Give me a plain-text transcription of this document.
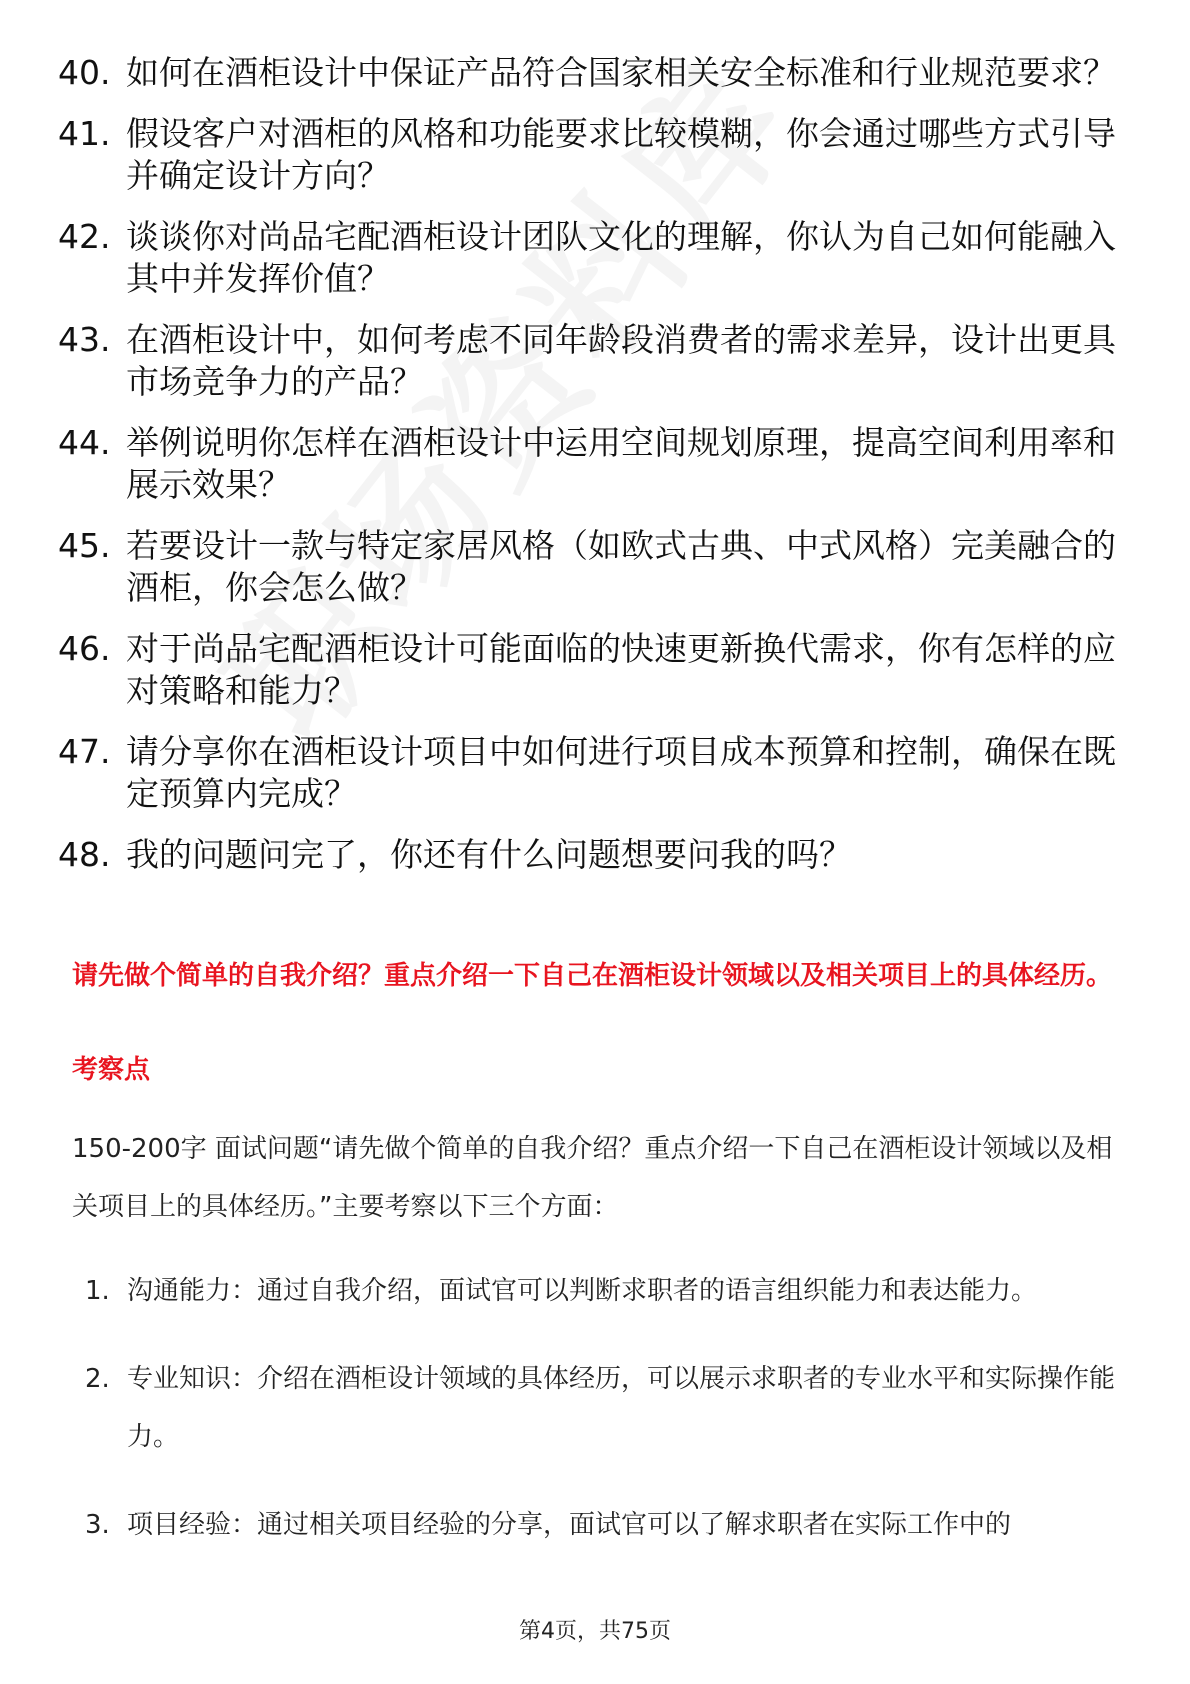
40. 如何在酒柜设计中保证产品符合国家相关安全标准和行业规范要求？
41. 假设客户对酒柜的风格和功能要求比较模糊，你会通过哪些方式引导并确定设计方向？
42. 谈谈你对尚品宅配酒柜设计团队文化的理解，你认为自己如何能融入其中并发挥价值？
43. 在酒柜设计中，如何考虑不同年龄段消费者的需求差异，设计出更具市场竞争力的产品？
44. 举例说明你怎样在酒柜设计中运用空间规划原理，提高空间利用率和展示效果？
45. 若要设计一款与特定家居风格（如欧式古典、中式风格）完美融合的酒柜，你会怎么做？
46. 对于尚品宅配酒柜设计可能面临的快速更新换代需求，你有怎样的应对策略和能力？
47. 请分享你在酒柜设计项目中如何进行项目成本预算和控制，确保在既定预算内完成？
48. 我的问题问完了，你还有什么问题想要问我的吗？
请先做个简单的自我介绍？重点介绍一下自己在酒柜设计领域以及相关项目上的具体经历。
考察点
150-200字 面试问题“请先做个简单的自我介绍？重点介绍一下自己在酒柜设计领域以及相关项目上的具体经历。”主要考察以下三个方面：
1. 沟通能力：通过自我介绍，面试官可以判断求职者的语言组织能力和表达能力。
2. 专业知识：介绍在酒柜设计领域的具体经历，可以展示求职者的专业水平和实际操作能力。
3. 项目经验：通过相关项目经验的分享，面试官可以了解求职者在实际工作中的
第4页，共75页
